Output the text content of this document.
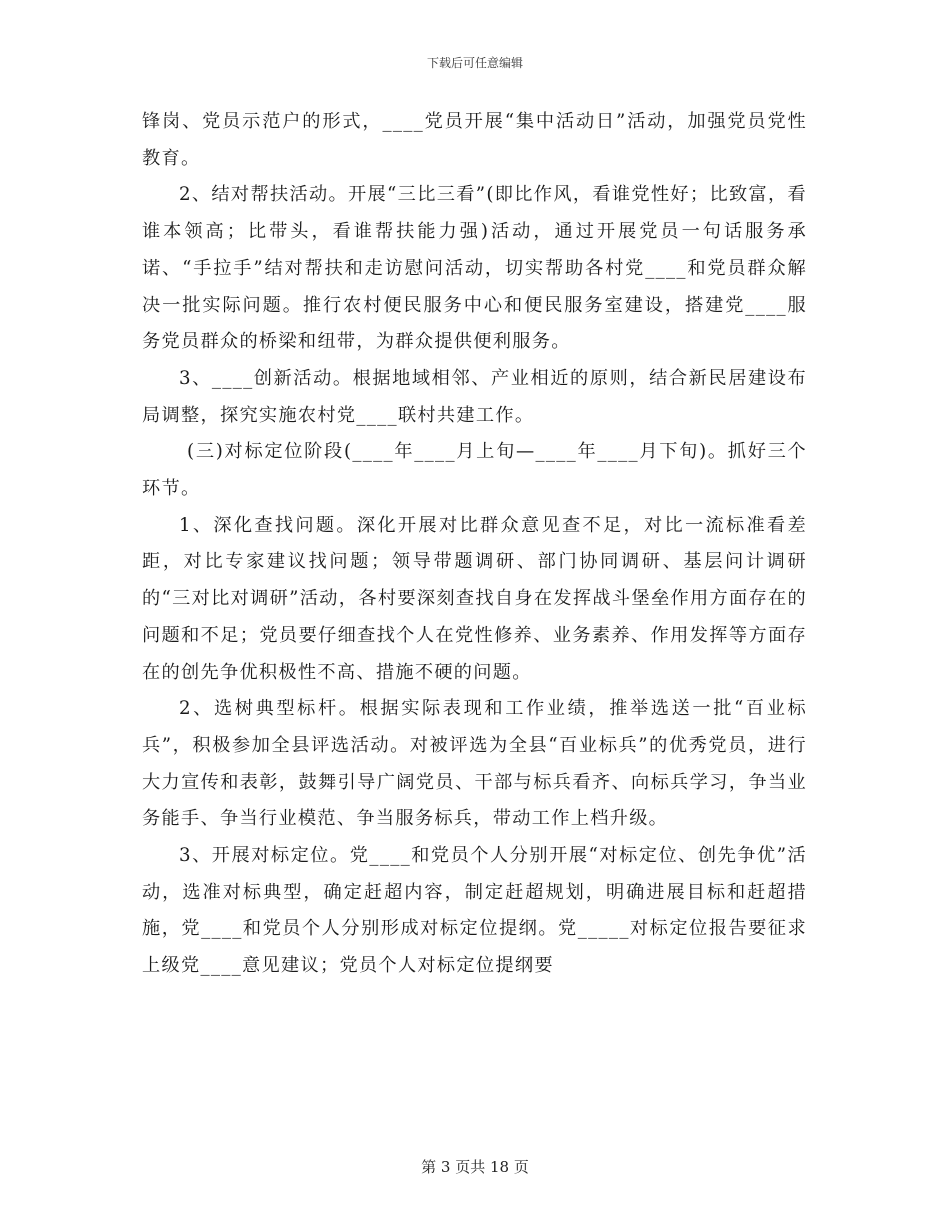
下载后可任意编辑

锋岗、党员示范户的形式，____党员开展“集中活动日”活动，加强党员党性教育。

2、结对帮扶活动。开展“三比三看”(即比作风，看谁党性好；比致富，看谁本领高；比带头，看谁帮扶能力强)活动，通过开展党员一句话服务承诺、“手拉手”结对帮扶和走访慰问活动，切实帮助各村党____和党员群众解决一批实际问题。推行农村便民服务中心和便民服务室建设，搭建党____服务党员群众的桥梁和纽带，为群众提供便利服务。

3、____创新活动。根据地域相邻、产业相近的原则，结合新民居建设布局调整，探究实施农村党____联村共建工作。

(三)对标定位阶段(____年____月上旬—____年____月下旬)。抓好三个环节。

1、深化查找问题。深化开展对比群众意见查不足，对比一流标准看差距，对比专家建议找问题；领导带题调研、部门协同调研、基层问计调研的“三对比对调研”活动，各村要深刻查找自身在发挥战斗堡垒作用方面存在的问题和不足；党员要仔细查找个人在党性修养、业务素养、作用发挥等方面存在的创先争优积极性不高、措施不硬的问题。

2、选树典型标杆。根据实际表现和工作业绩，推举选送一批“百业标兵”，积极参加全县评选活动。对被评选为全县“百业标兵”的优秀党员，进行大力宣传和表彰，鼓舞引导广阔党员、干部与标兵看齐、向标兵学习，争当业务能手、争当行业模范、争当服务标兵，带动工作上档升级。

3、开展对标定位。党____和党员个人分别开展“对标定位、创先争优”活动，选准对标典型，确定赶超内容，制定赶超规划，明确进展目标和赶超措施，党____和党员个人分别形成对标定位提纲。党_____对标定位报告要征求上级党____意见建议；党员个人对标定位提纲要

第 3 页共 18 页
